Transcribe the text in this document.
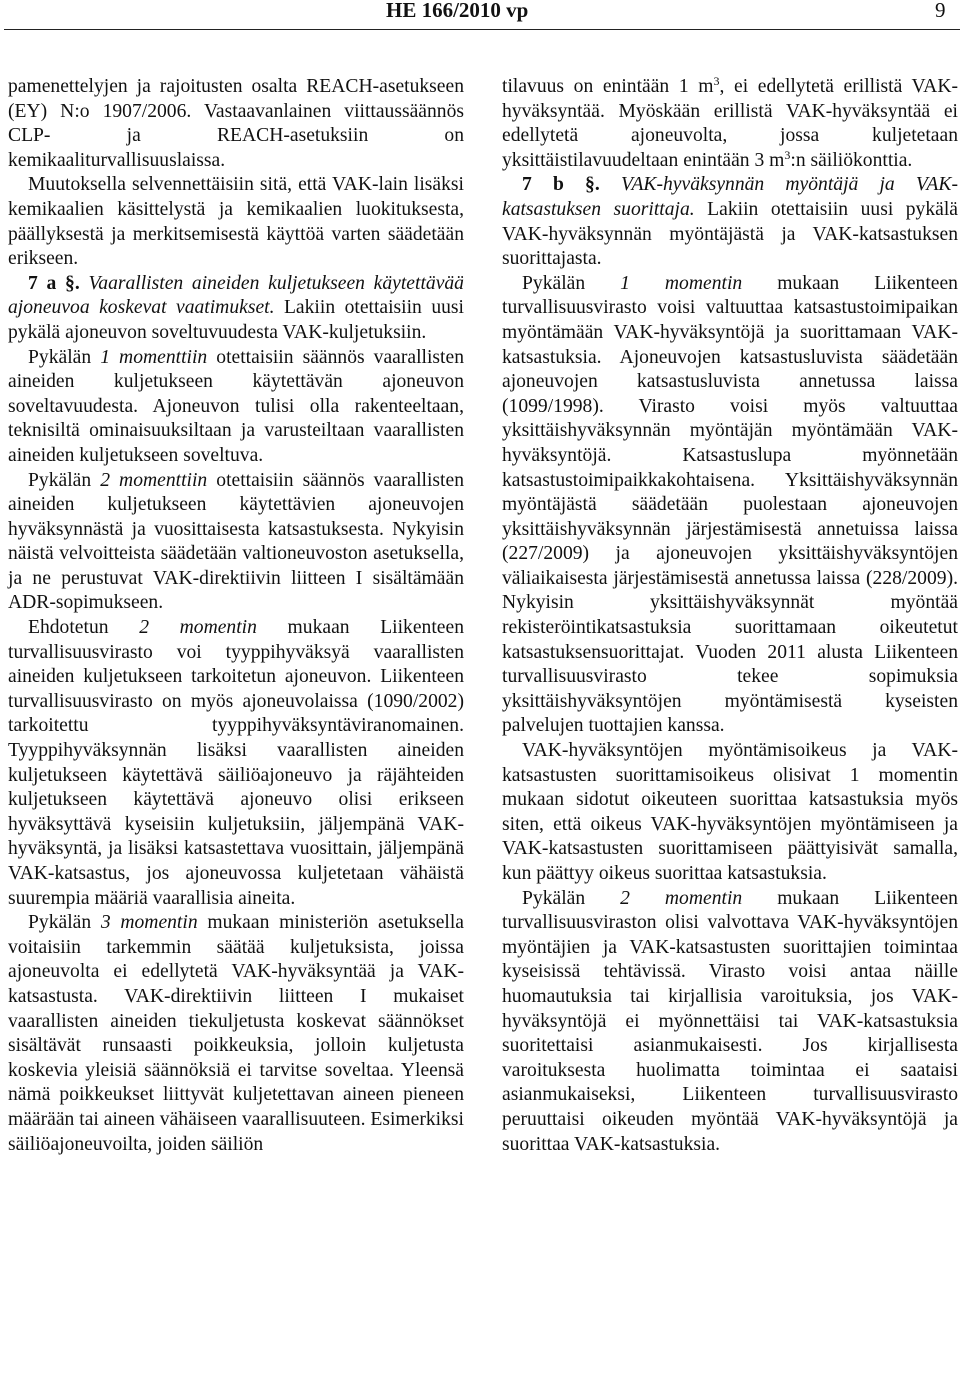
HE 166/2010 vp	9

pamenettelyjen ja rajoitusten osalta REACH-asetukseen (EY) N:o 1907/2006. Vastaavanlainen viittaussäännös CLP- ja REACH-asetuksiin on kemikaaliturvallisuuslaissa.

Muutoksella selvennettäisiin sitä, että VAK-lain lisäksi kemikaalien käsittelystä ja kemikaalien luokituksesta, päällyksestä ja merkitsemisestä käyttöä varten säädetään erikseen.

7 a §. Vaarallisten aineiden kuljetukseen käytettävää ajoneuvoa koskevat vaatimukset. Lakiin otettaisiin uusi pykälä ajoneuvon soveltuvuudesta VAK-kuljetuksiin.

Pykälän 1 momenttiin otettaisiin säännös vaarallisten aineiden kuljetukseen käytettävän ajoneuvon soveltavuudesta. Ajoneuvon tulisi olla rakenteeltaan, teknisiltä ominaisuuksiltaan ja varusteiltaan vaarallisten aineiden kuljetukseen soveltuva.

Pykälän 2 momenttiin otettaisiin säännös vaarallisten aineiden kuljetukseen käytettävien ajoneuvojen hyväksynnästä ja vuosittaisesta katsastuksesta. Nykyisin näistä velvoitteista säädetään valtioneuvoston asetuksella, ja ne perustuvat VAK-direktiivin liitteen I sisältämään ADR-sopimukseen.

Ehdotetun 2 momentin mukaan Liikenteen turvallisuusvirasto voi tyyppihyväksyä vaarallisten aineiden kuljetukseen tarkoitetun ajoneuvon. Liikenteen turvallisuusvirasto on myös ajoneuvolaissa (1090/2002) tarkoitettu tyyppihyväksyntäviranomainen. Tyyppihyväksynnän lisäksi vaarallisten aineiden kuljetukseen käytettävä säiliöajoneuvo ja räjähteiden kuljetukseen käytettävä ajoneuvo olisi erikseen hyväksyttävä kyseisiin kuljetuksiin, jäljempänä VAK-hyväksyntä, ja lisäksi katsastettava vuosittain, jäljempänä VAK-katsastus, jos ajoneuvossa kuljetetaan vähäistä suurempia määriä vaarallisia aineita.

Pykälän 3 momentin mukaan ministeriön asetuksella voitaisiin tarkemmin säätää kuljetuksista, joissa ajoneuvolta ei edellytetä VAK-hyväksyntää ja VAK-katsastusta. VAK-direktiivin liitteen I mukaiset vaarallisten aineiden tiekuljetusta koskevat säännökset sisältävät runsaasti poikkeuksia, jolloin kuljetusta koskevia yleisiä säännöksiä ei tarvitse soveltaa. Yleensä nämä poikkeukset liittyvät kuljetettavan aineen pieneen määrään tai aineen vähäiseen vaarallisuuteen. Esimerkiksi säiliöajoneuvoilta, joiden säiliön

tilavuus on enintään 1 $m^3$, ei edellytetä erillistä VAK-hyväksyntää. Myöskään erillistä VAK-hyväksyntää ei edellytetä ajoneuvolta, jossa kuljetetaan yksittäistilavuudeltaan enintään 3 $m^3:n$ säiliökonttia.

7 b §. VAK-hyväksynnän myöntäjä ja VAK-katsastuksen suorittaja. Lakiin otettaisiin uusi pykälä VAK-hyväksynnän myöntäjästä ja VAK-katsastuksen suorittajasta.

Pykälän 1 momentin mukaan Liikenteen turvallisuusvirasto voisi valtuuttaa katsastustoimipaikan myöntämään VAK-hyväksyntöjä ja suorittamaan VAK-katsastuksia. Ajoneuvojen katsastusluvista säädetään ajoneuvojen katsastusluvista annetussa laissa (1099/1998). Virasto voisi myös valtuuttaa yksittäishyväksynnän myöntäjän myöntämään VAK-hyväksyntöjä. Katsastuslupa myönnetään katsastustoimipaikkakohtaisena. Yksittäishyväksynnän myöntäjästä säädetään puolestaan ajoneuvojen yksittäishyväksynnän järjestämisestä annetuissa laissa (227/2009) ja ajoneuvojen yksittäishyväksyntöjen väliaikaisesta järjestämisestä annetussa laissa (228/2009). Nykyisin yksittäishyväksynnät myöntää rekisteröintikatsastuksia suorittamaan oikeutetut katsastuksensuorittajat. Vuoden 2011 alusta Liikenteen turvallisuusvirasto tekee sopimuksia yksittäishyväksyntöjen myöntämisestä kyseisten palvelujen tuottajien kanssa.

VAK-hyväksyntöjen myöntämisoikeus ja VAK-katsastusten suorittamisoikeus olisivat 1 momentin mukaan sidotut oikeuteen suorittaa katsastuksia myös siten, että oikeus VAK-hyväksyntöjen myöntämiseen ja VAK-katsastusten suorittamiseen päättyisivät samalla, kun päättyy oikeus suorittaa katsastuksia.

Pykälän 2 momentin mukaan Liikenteen turvallisuusviraston olisi valvottava VAK-hyväksyntöjen myöntäjien ja VAK-katsastusten suorittajien toimintaa kyseisissä tehtävissä. Virasto voisi antaa näille huomautuksia tai kirjallisia varoituksia, jos VAK-hyväksyntöjä ei myönnettäisi tai VAK-katsastuksia suoritettaisi asianmukaisesti. Jos kirjallisesta varoituksesta huolimatta toimintaa ei saataisi asianmukaiseksi, Liikenteen turvallisuusvirasto peruuttaisi oikeuden myöntää VAK-hyväksyntöjä ja suorittaa VAK-katsastuksia.
